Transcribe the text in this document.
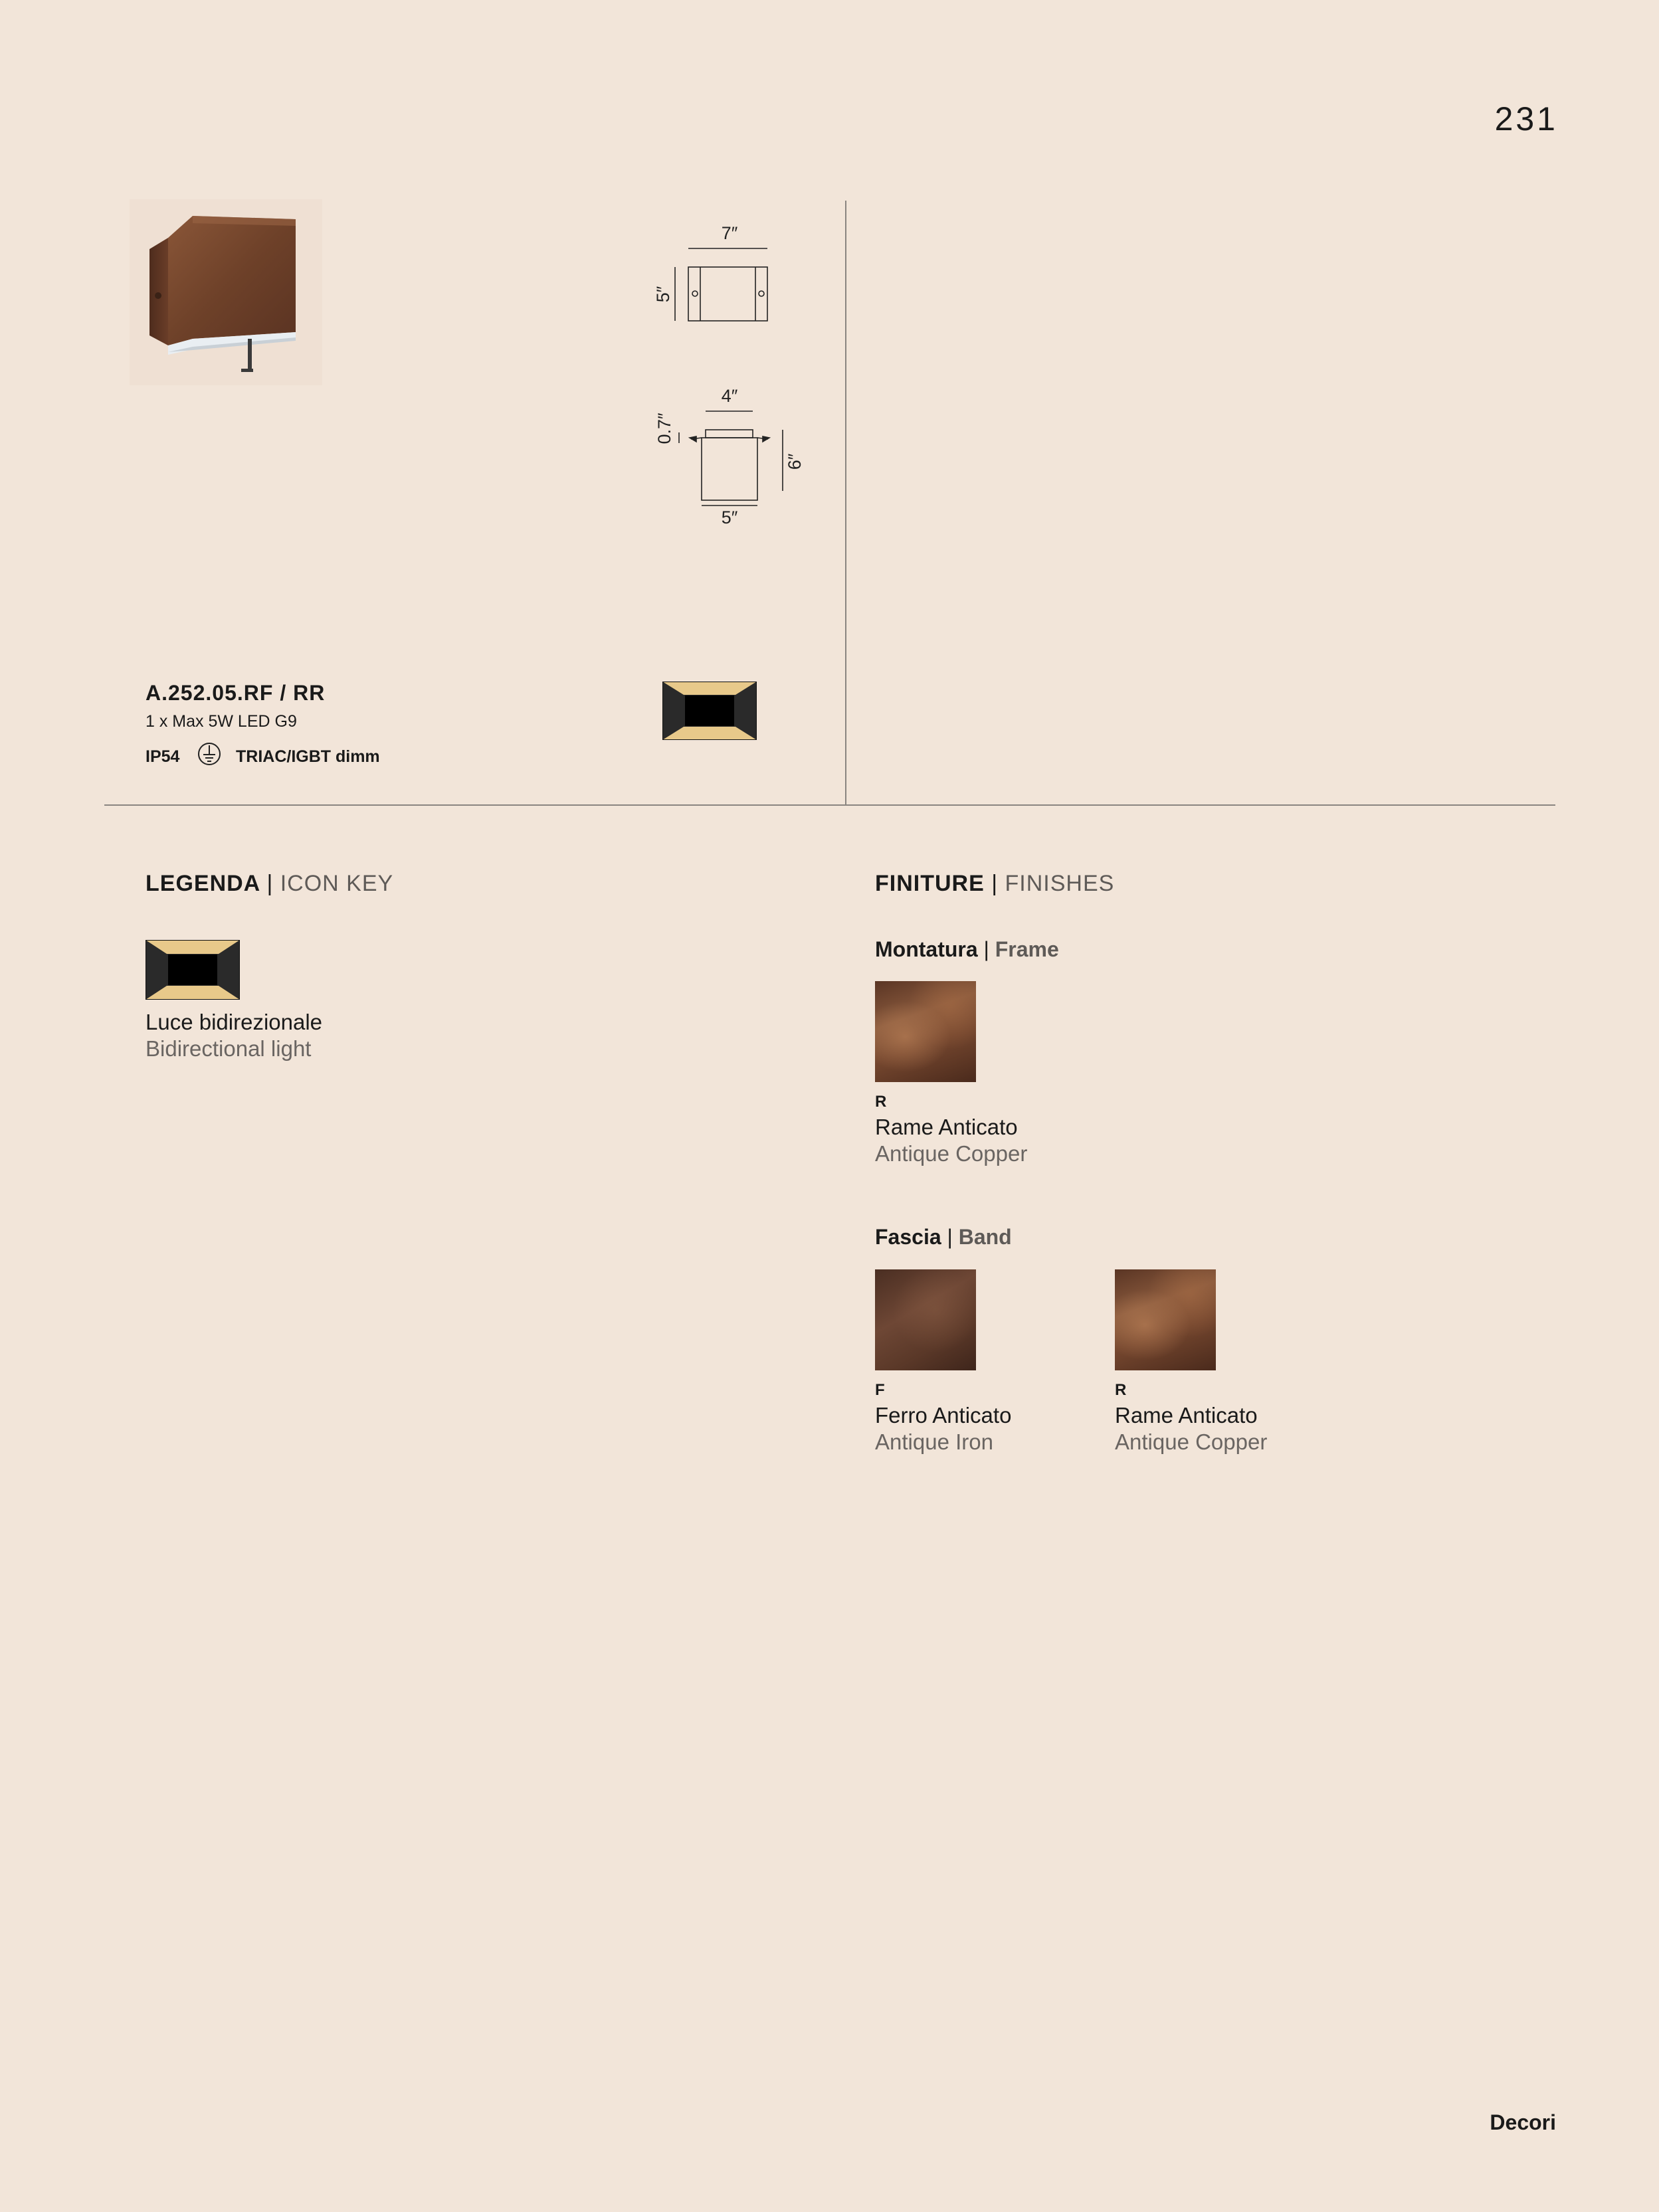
231
7″
5″
4″
0.7″
6″
5″
A.252.05.RF / RR
1 x Max 5W LED G9
IP54	TRIAC/IGBT dimm
LEGENDA | ICON KEY
Luce bidirezionale
Bidirectional light
FINITURE | FINISHES
Montatura | Frame
R
Rame Anticato
Antique Copper
Fascia | Band
F
Ferro Anticato
Antique Iron
R
Rame Anticato
Antique Copper
Decori
